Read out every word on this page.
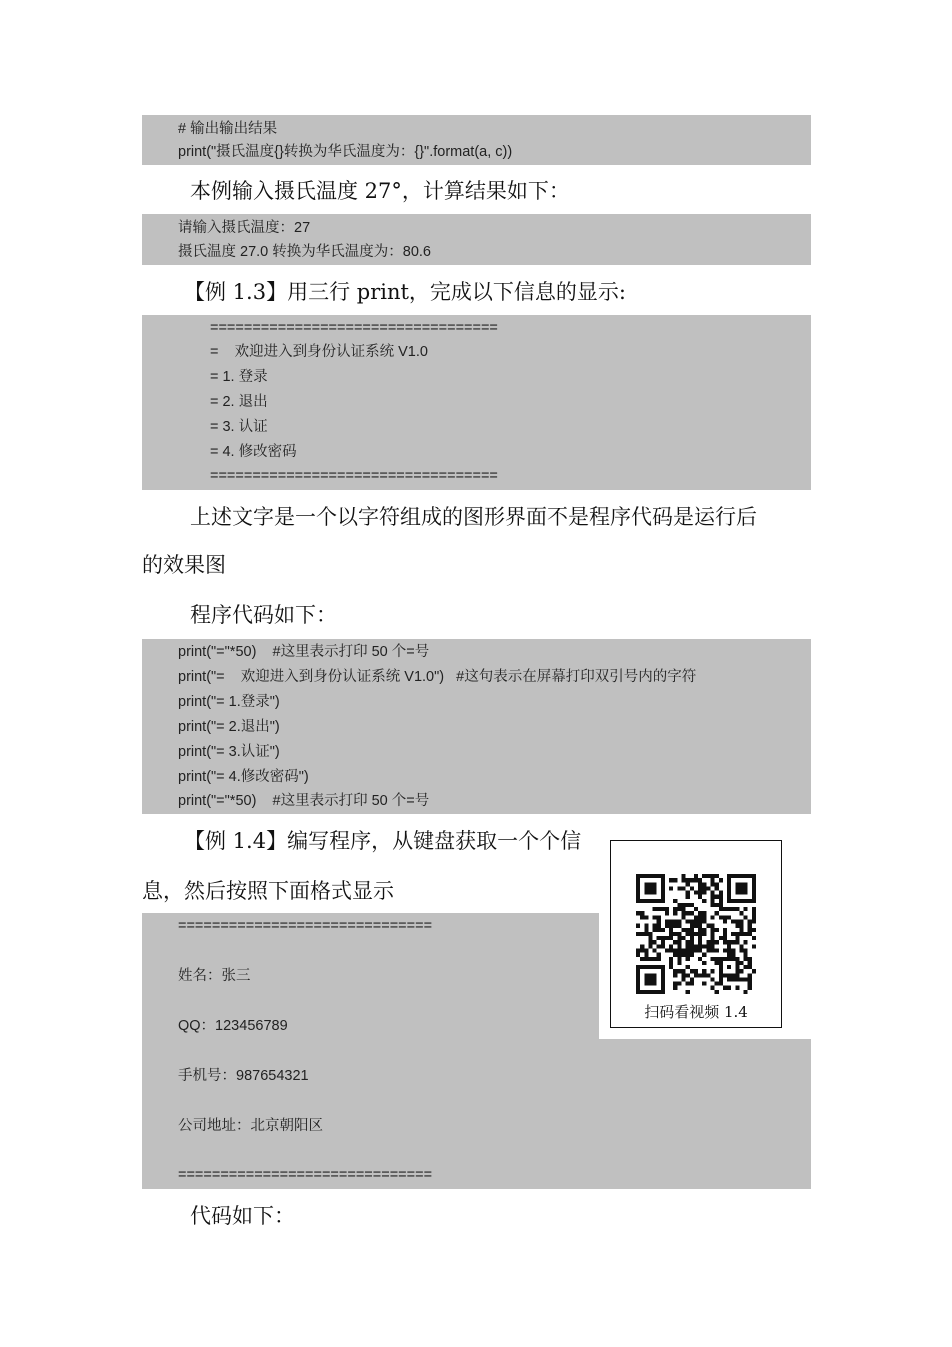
# 输出输出结果
print("摄氏温度{}转换为华氏温度为：{}".format(a, c))
本例输入摄氏温度 27°，计算结果如下：
请输入摄氏温度：27
摄氏温度 27.0 转换为华氏温度为：80.6
【例 1.3】用三行 print，完成以下信息的显示:
==================================
=    欢迎进入到身份认证系统 V1.0
= 1. 登录
= 2. 退出
= 3. 认证
= 4. 修改密码
==================================
上述文字是一个以字符组成的图形界面不是程序代码是运行后
的效果图
程序代码如下：
print("="*50)    #这里表示打印 50 个=号
print("=    欢迎进入到身份认证系统 V1.0")   #这句表示在屏幕打印双引号内的字符
print("= 1.登录")
print("= 2.退出")
print("= 3.认证")
print("= 4.修改密码")
print("="*50)    #这里表示打印 50 个=号
【例 1.4】编写程序，从键盘获取一个个信
息，然后按照下面格式显示
==============================
姓名：张三
QQ：123456789
手机号：987654321
公司地址：北京朝阳区
==============================
扫码看视频 1.4
代码如下：
